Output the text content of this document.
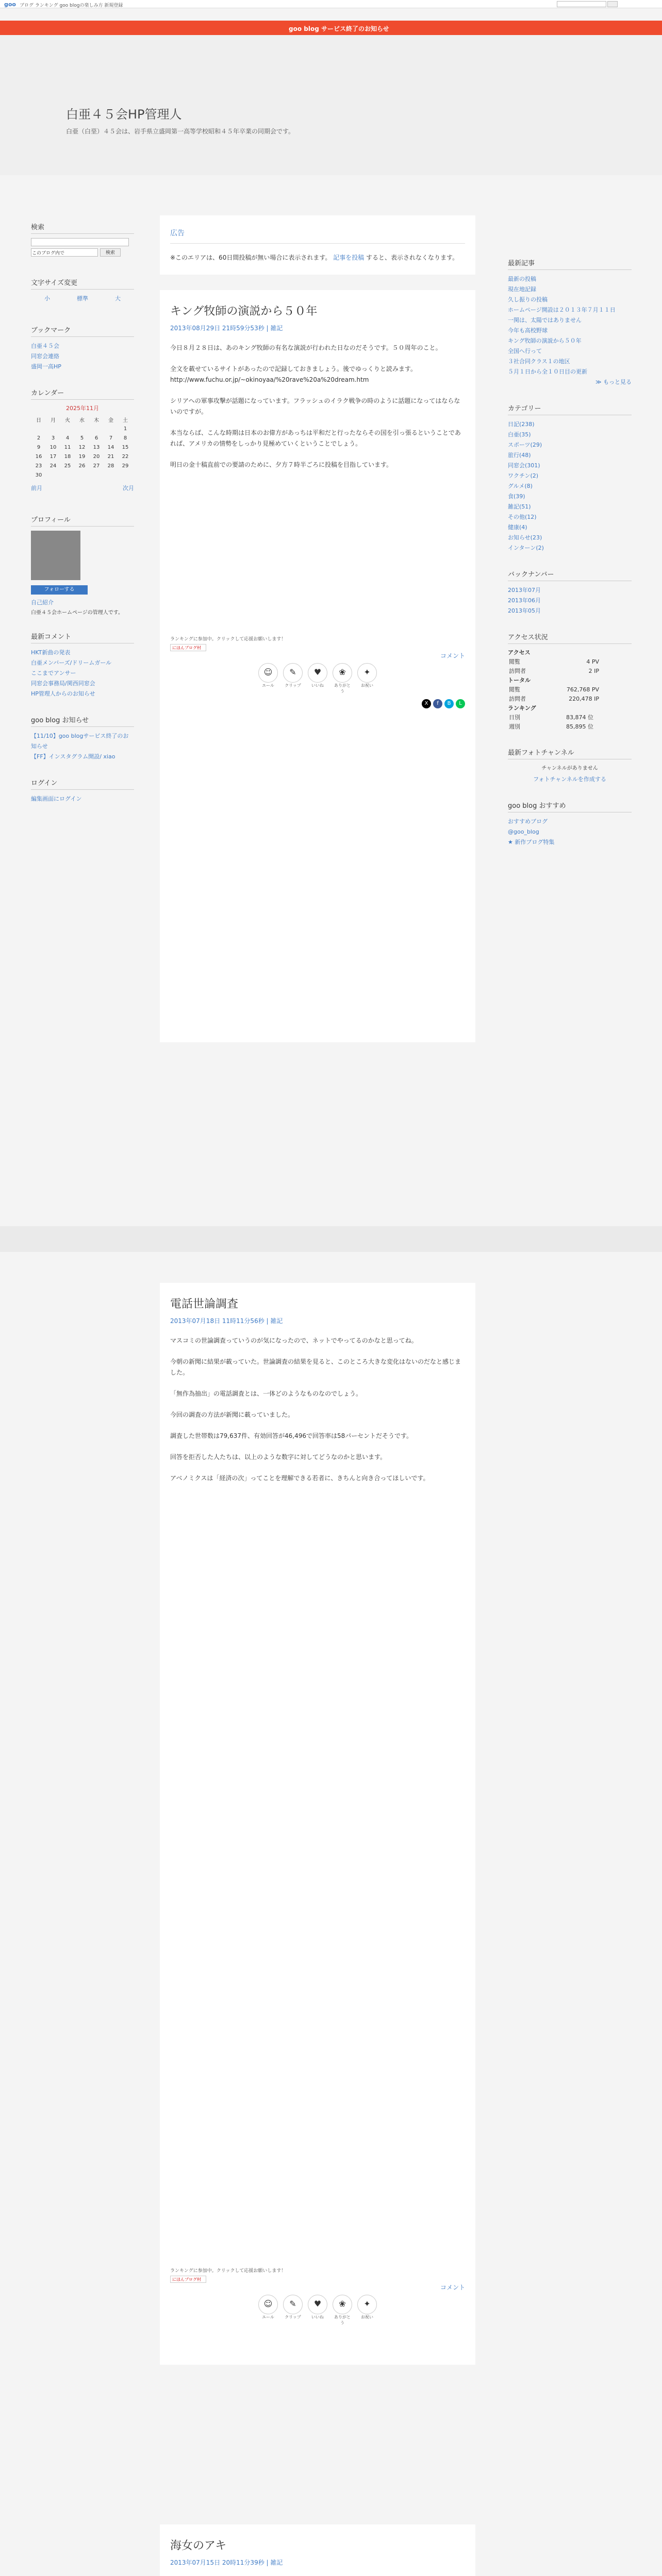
goo ブログ ランキング goo blogの楽しみ方 新規登録
goo blog サービス終了のお知らせ
白亜４５会HP管理人
白亜（白堊）４５会は、岩手県立盛岡第一高等学校昭和４５年卒業の同期会です。
検索
このブログ内で	検索
文字サイズ変更
小	標準	大
ブックマーク
白亜４５会
同窓会連絡
盛岡一高HP
カレンダー
2025年11月
日	月	火	水	木	金	土
						1
2	3	4	5	6	7	8
9	10	11	12	13	14	15
16	17	18	19	20	21	22
23	24	25	26	27	28	29
30						
前月	次月
プロフィール
フォローする
自己紹介
白亜４５会ホームページの管理人です。
最新コメント
HKT新曲の発表
白亜メンバーズ/ドリームガール
ここまでアンサー
同窓会事務局/関西同窓会
HP管理人からのお知らせ
goo blog お知らせ
【11/10】goo blogサービス終了のお知らせ
【FF】インスタグラム開設/ xiao
ログイン
編集画面にログイン
広告
※このエリアは、60日間投稿が無い場合に表示されます。 記事を投稿 すると、表示されなくなります。
キング牧師の演説から５０年
2013年08月29日 21時59分53秒 | 雑記

今日８月２８日は、あのキング牧師の有名な演説が行われた日なのだそうです。５０周年のこと。

全文を載せているサイトがあったので記録しておきましょう。後でゆっくりと読みます。http://www.fuchu.or.jp/~okinoyaa/%20rave%20a%20dream.htm

シリアへの軍事攻撃が話題になっています。フラッシュのイラク戦争の時のように話題になってはならないのですが。

本当ならば、こんな時期は日本のお偉方があっちは平和だと行ったならその国を引っ張るということであれば、アメリカの情勢をしっかり見極めていくということでしょう。

明日の金十稿直前での要請のために、夕方７時半ごろに投稿を目指しています。

ランキングに参加中。クリックして応援お願いします！
にほんブログ村
コメント
☺
エール
✎
クリップ
♥
いいね
❀
ありがとう
✦
お祝い
X	f	B	L
電話世論調査
2013年07月18日 11時11分56秒 | 雑記

マスコミの世論調査っていうのが気になったので、ネットでやってるのかなと思ってね。

今朝の新聞に結果が載っていた。世論調査の結果を見ると、このところ大きな変化はないのだなと感じました。

「無作為抽出」の電話調査とは、一体どのようなものなのでしょう。

今回の調査の方法が新聞に載っていました。

調査した世帯数は79,637件、有効回答が46,496で回答率は58パーセントだそうです。

回答を拒否した人たちは、以上のような数字に対してどうなのかと思います。

アベノミクスは「経済の次」ってことを理解できる若者に、きちんと向き合ってほしいです。

ランキングに参加中。クリックして応援お願いします！
にほんブログ村
コメント
☺
エール
✎
クリップ
♥
いいね
❀
ありがとう
✦
お祝い
海女のアキ
2013年07月15日 20時11分39秒 | 雑記

最新記事
最新の投稿
現在地記録
久し振りの投稿
ホームページ開設は２０１３年７月１１日
一関は、太陽ではありません
今年も高校野球
キング牧師の演説から５０年
全国へ行って
３社合同クラス１の地区
５月１日から全１０日目の更新
≫ もっと見る
カテゴリー
日記(238)
白亜(35)
スポーツ(29)
旅行(48)
同窓会(301)
ワクチン(2)
グルメ(8)
食(39)
雑記(51)
その他(12)
健康(4)
お知らせ(23)
インターン(2)
バックナンバー
2013年07月
2013年06月
2013年05月
アクセス状況
アクセス
閲覧	4 PV
訪問者	2 IP
トータル
閲覧	762,768 PV
訪問者	220,478 IP
ランキング
日別	83,874 位
週別	85,895 位
最新フォトチャンネル
チャンネルがありません
フォトチャンネルを作成する
goo blog おすすめ
おすすめブログ
@goo_blog
★ 新作ブログ特集
